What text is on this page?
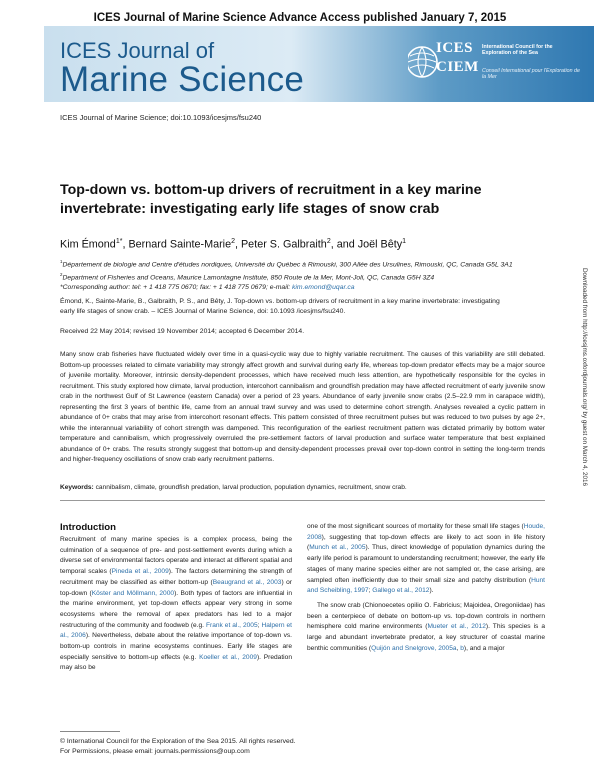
ICES Journal of Marine Science Advance Access published January 7, 2015
ICES Journal of
Marine Science
ICES
CIEM
International Council for the Exploration of the Sea
Conseil International pour l'Exploration de la Mer
ICES Journal of Marine Science; doi:10.1093/icesjms/fsu240
Top-down vs. bottom-up drivers of recruitment in a key marine invertebrate: investigating early life stages of snow crab
Kim Émond$^{1*}$, Bernard Sainte-Marie$^2$, Peter S. Galbraith$^2$, and Joël Bêty$^1$
$^1$Département de biologie and Centre d'études nordiques, Université du Québec à Rimouski, 300 Allée des Ursulines, Rimouski, QC, Canada G5L 3A1
$^2$Department of Fisheries and Oceans, Maurice Lamontagne Institute, 850 Route de la Mer, Mont-Joli, QC, Canada G5H 3Z4
*Corresponding author: tel: + 1 418 775 0670; fax: + 1 418 775 0679; e-mail: kim.emond@uqar.ca
Émond, K., Sainte-Marie, B., Galbraith, P. S., and Bêty, J. Top-down vs. bottom-up drivers of recruitment in a key marine invertebrate: investigating early life stages of snow crab. – ICES Journal of Marine Science, doi: 10.1093 /icesjms/fsu240.
Received 22 May 2014; revised 19 November 2014; accepted 6 December 2014.
Many snow crab fisheries have fluctuated widely over time in a quasi-cyclic way due to highly variable recruitment. The causes of this variability are still debated. Bottom-up processes related to climate variability may strongly affect growth and survival during early life, whereas top-down predator effects may be a major source of juvenile mortality. Moreover, intrinsic density-dependent processes, which have received much less attention, are hypothetically responsible for the cycles in recruitment. This study explored how climate, larval production, intercohort cannibalism and groundfish predation may have affected recruitment of early juvenile snow crab in the northwest Gulf of St Lawrence (eastern Canada) over a period of 23 years. Abundance of early juvenile snow crabs (2.5–22.9 mm in carapace width), representing the first 3 years of benthic life, came from an annual trawl survey and was used to determine cohort strength. Analyses revealed a cyclic pattern in abundance of 0+ crabs that may arise from intercohort resonant effects. This pattern consisted of three recruitment pulses but was reduced to two pulses by age 2+, while the interannual variability of cohort strength was dampened. This reconfiguration of the earliest recruitment pattern was dictated primarily by bottom water temperature and cannibalism, which progressively overruled the pre-settlement factors of larval production and surface water temperature that best explained abundance of 0+ crabs. The results strongly suggest that bottom-up and density-dependent processes prevail over top-down control in setting the long-term trends and higher-frequency oscillations of snow crab early recruitment patterns.
Keywords: cannibalism, climate, groundfish predation, larval production, population dynamics, recruitment, snow crab.
Introduction

Recruitment of many marine species is a complex process, being the culmination of a sequence of pre- and post-settlement events during which a diverse set of environmental factors operate and interact at different spatial and temporal scales (Pineda et al., 2009). The factors determining the strength of recruitment may be classified as either bottom-up (Beaugrand et al., 2003) or top-down (Köster and Möllmann, 2000). Both types of factors are influential in the marine environment, yet top-down effects appear very strong in some ecosystems where the removal of apex predators has led to a major restructuring of the community and foodweb (e.g. Frank et al., 2005; Halpern et al., 2006). Nevertheless, debate about the relative importance of top-down vs. bottom-up controls in marine ecosystems continues. Early life stages are especially sensitive to bottom-up effects (e.g. Koeller et al., 2009). Predation may also be

one of the most significant sources of mortality for these small life stages (Houde, 2008), suggesting that top-down effects are likely to act soon in life history (Munch et al., 2005). Thus, direct knowledge of population dynamics during the early life period is paramount to understanding recruitment; however, the early life stages of many marine species either are not sampled or, the case arising, are sampled often inefficiently due to their small size and patchy distribution (Hunt and Scheibling, 1997; Gallego et al., 2012).

The snow crab (Chionoecetes opilio O. Fabricius; Majoidea, Oregoniidae) has been a centerpiece of debate on bottom-up vs. top-down controls in northern hemisphere cold marine environments (Mueter et al., 2012). This species is a large and abundant invertebrate predator, a key structurer of coastal marine benthic communities (Quijón and Snelgrove, 2005a, b), and a major

Downloaded from http://icesjms.oxfordjournals.org/ by guest on March 4, 2016
© International Council for the Exploration of the Sea 2015. All rights reserved.
For Permissions, please email: journals.permissions@oup.com
